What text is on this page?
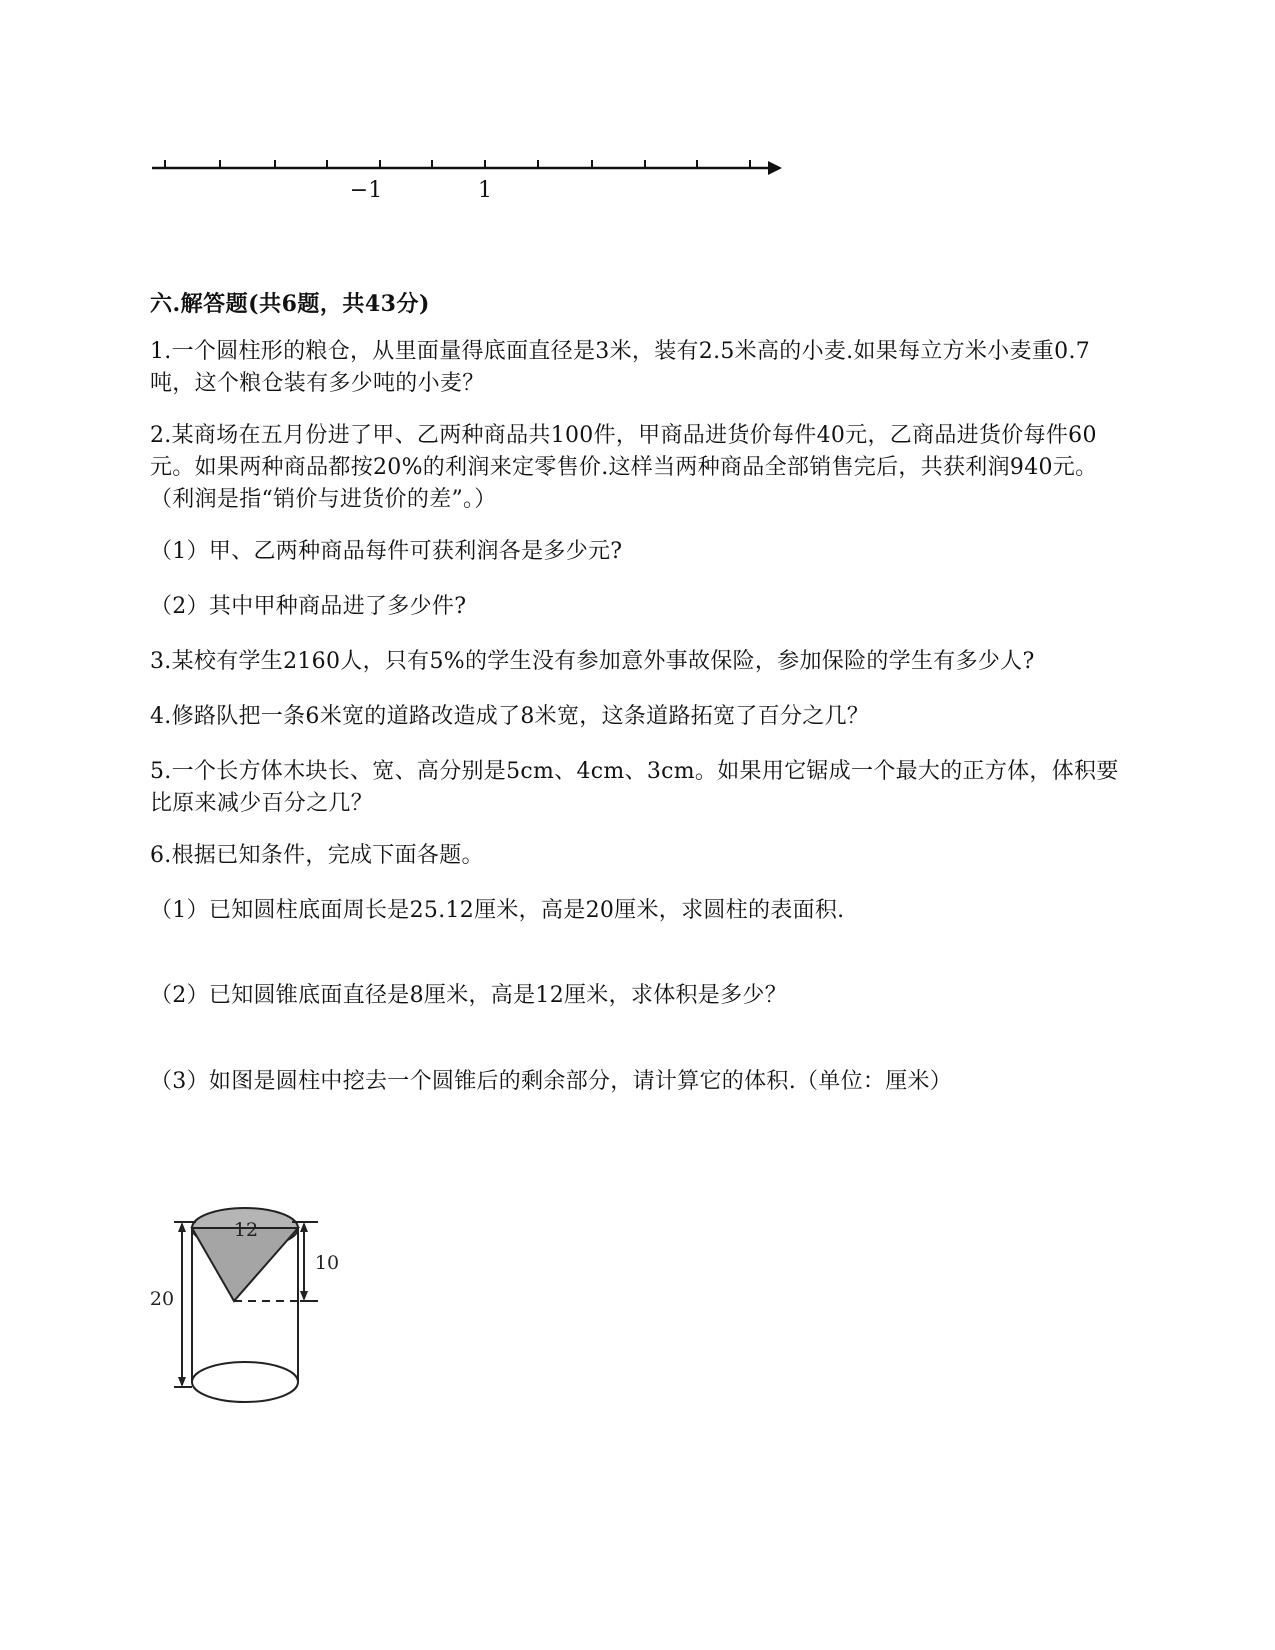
−1	1
六.解答题(共6题，共43分)
1.一个圆柱形的粮仓，从里面量得底面直径是3米，装有2.5米高的小麦.如果每立方米小麦重0.7吨，这个粮仓装有多少吨的小麦？
2.某商场在五月份进了甲、乙两种商品共100件，甲商品进货价每件40元，乙商品进货价每件60元。如果两种商品都按20%的利润来定零售价.这样当两种商品全部销售完后，共获利润940元。（利润是指“销价与进货价的差”。）
（1）甲、乙两种商品每件可获利润各是多少元?
（2）其中甲种商品进了多少件?
3.某校有学生2160人，只有5%的学生没有参加意外事故保险，参加保险的学生有多少人?
4.修路队把一条6米宽的道路改造成了8米宽，这条道路拓宽了百分之几？
5.一个长方体木块长、宽、高分别是5cm、4cm、3cm。如果用它锯成一个最大的正方体，体积要比原来减少百分之几？
6.根据已知条件，完成下面各题。
（1）已知圆柱底面周长是25.12厘米，高是20厘米，求圆柱的表面积.
（2）已知圆锥底面直径是8厘米，高是12厘米，求体积是多少？
（3）如图是圆柱中挖去一个圆锥后的剩余部分，请计算它的体积.（单位：厘米）
20
10
12
